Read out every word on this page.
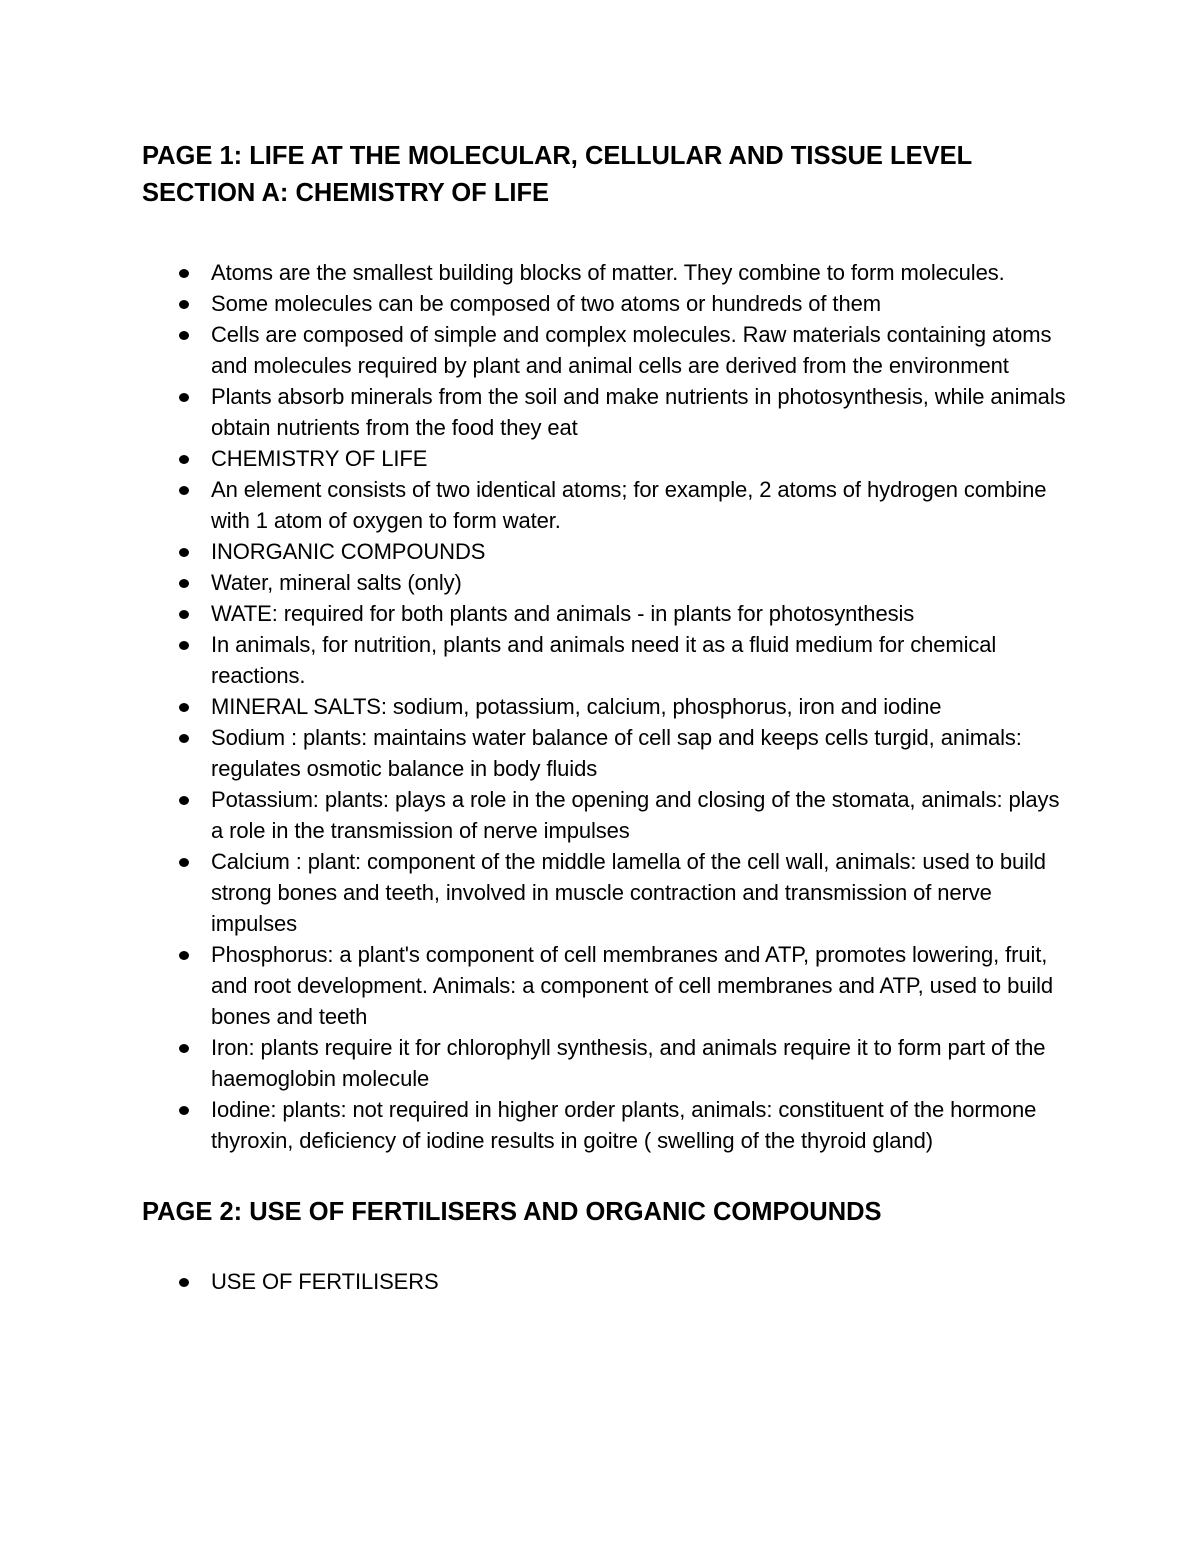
PAGE 1: LIFE AT THE MOLECULAR, CELLULAR AND TISSUE LEVEL
SECTION A: CHEMISTRY OF LIFE
Atoms are the smallest building blocks of matter. They combine to form molecules.
Some molecules can be composed of two atoms or hundreds of them
Cells are composed of simple and complex molecules. Raw materials containing atoms and molecules required by plant and animal cells are derived from the environment
Plants absorb minerals from the soil and make nutrients in photosynthesis, while animals obtain nutrients from the food they eat
CHEMISTRY OF LIFE
An element consists of two identical atoms; for example, 2 atoms of hydrogen combine with 1 atom of oxygen to form water.
INORGANIC COMPOUNDS
Water, mineral salts (only)
WATE: required for both plants and animals - in plants for photosynthesis
In animals, for nutrition, plants and animals need it as a fluid medium for chemical reactions.
MINERAL SALTS: sodium, potassium, calcium, phosphorus, iron and iodine
Sodium : plants: maintains water balance of cell sap and keeps cells turgid, animals: regulates osmotic balance in body fluids
Potassium: plants: plays a role in the opening and closing of the stomata, animals: plays a role in the transmission of nerve impulses
Calcium : plant: component of the middle lamella of the cell wall, animals: used to build strong bones and teeth, involved in muscle contraction and transmission of nerve impulses
Phosphorus: a plant's component of cell membranes and ATP, promotes lowering, fruit, and root development. Animals: a component of cell membranes and ATP, used to build bones and teeth
Iron: plants require it for chlorophyll synthesis, and animals require it to form part of the haemoglobin molecule
Iodine: plants: not required in higher order plants, animals: constituent of the hormone thyroxin, deficiency of iodine results in goitre ( swelling of the thyroid gland)
PAGE 2: USE OF FERTILISERS AND ORGANIC COMPOUNDS
USE OF FERTILISERS
